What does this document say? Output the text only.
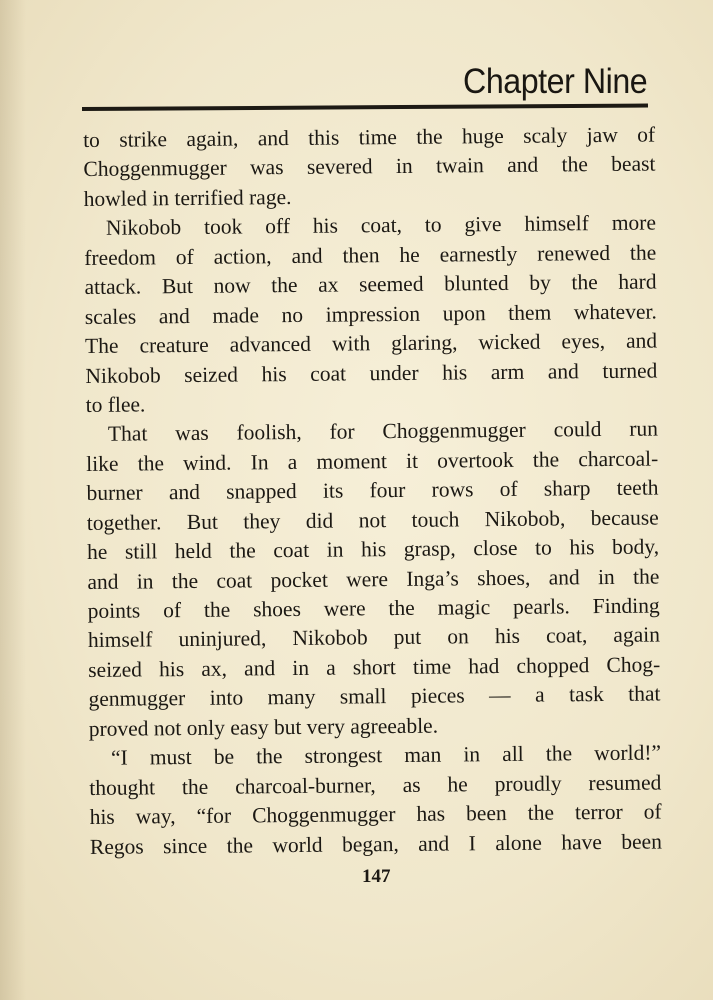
Chapter Nine
to strike again, and this time the huge scaly jaw of
Choggenmugger was severed in twain and the beast
howled in terrified rage.
Nikobob took off his coat, to give himself more
freedom of action, and then he earnestly renewed the
attack. But now the ax seemed blunted by the hard
scales and made no impression upon them whatever.
The creature advanced with glaring, wicked eyes, and
Nikobob seized his coat under his arm and turned
to flee.
That was foolish, for Choggenmugger could run
like the wind. In a moment it overtook the charcoal-
burner and snapped its four rows of sharp teeth
together. But they did not touch Nikobob, because
he still held the coat in his grasp, close to his body,
and in the coat pocket were Inga’s shoes, and in the
points of the shoes were the magic pearls. Finding
himself uninjured, Nikobob put on his coat, again
seized his ax, and in a short time had chopped Chog-
genmugger into many small pieces — a task that
proved not only easy but very agreeable.
“I must be the strongest man in all the world!”
thought the charcoal-burner, as he proudly resumed
his way, “for Choggenmugger has been the terror of
Regos since the world began, and I alone have been
147
